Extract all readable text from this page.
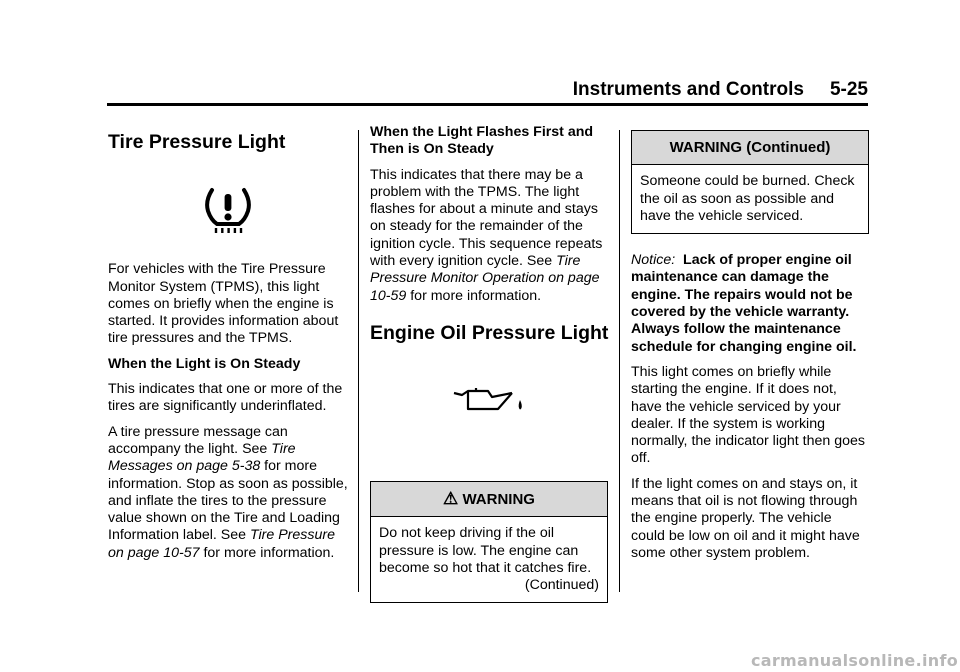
Instruments and Controls 5-25
Tire Pressure Light

For vehicles with the Tire Pressure Monitor System (TPMS), this light comes on briefly when the engine is started. It provides information about tire pressures and the TPMS.

When the Light is On Steady

This indicates that one or more of the tires are significantly underinflated.

A tire pressure message can accompany the light. See Tire Messages on page 5-38 for more information. Stop as soon as possible, and inflate the tires to the pressure value shown on the Tire and Loading Information label. See Tire Pressure on page 10-57 for more information.

When the Light Flashes First and Then is On Steady

This indicates that there may be a problem with the TPMS. The light flashes for about a minute and stays on steady for the remainder of the ignition cycle. This sequence repeats with every ignition cycle. See Tire Pressure Monitor Operation on page 10-59 for more information.

Engine Oil Pressure Light
⚠ WARNING

Do not keep driving if the oil pressure is low. The engine can become so hot that it catches fire.

(Continued)

WARNING (Continued)

Someone could be burned. Check the oil as soon as possible and have the vehicle serviced.

Notice: Lack of proper engine oil maintenance can damage the engine. The repairs would not be covered by the vehicle warranty. Always follow the maintenance schedule for changing engine oil.

This light comes on briefly while starting the engine. If it does not, have the vehicle serviced by your dealer. If the system is working normally, the indicator light then goes off.

If the light comes on and stays on, it means that oil is not flowing through the engine properly. The vehicle could be low on oil and it might have some other system problem.

carmanualsonline.info
